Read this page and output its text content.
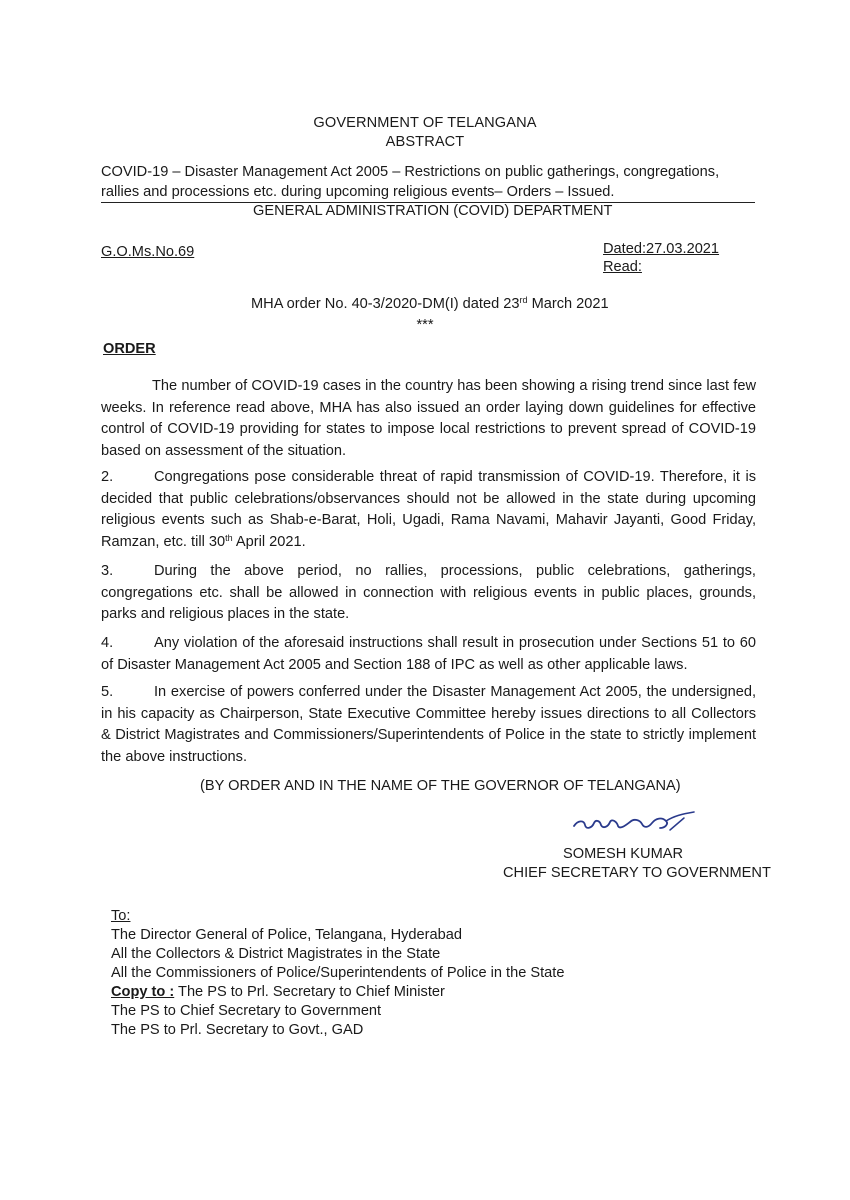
GOVERNMENT OF TELANGANA

ABSTRACT

COVID-19 – Disaster Management Act 2005 – Restrictions on public gatherings, congregations,

rallies and processions etc. during upcoming religious events– Orders – Issued.

GENERAL ADMINISTRATION (COVID) DEPARTMENT

G.O.Ms.No.69	Dated:27.03.2021

Read:

MHA order No. 40-3/2020-DM(I) dated 23rd March 2021

***

ORDER

The number of COVID-19 cases in the country has been showing a rising trend since last few weeks. In reference read above, MHA has also issued an order laying down guidelines for effective control of COVID-19 providing for states to impose local restrictions to prevent spread of COVID-19 based on assessment of the situation.

2.	Congregations pose considerable threat of rapid transmission of COVID-19. Therefore, it is decided that public celebrations/observances should not be allowed in the state during upcoming religious events such as Shab-e-Barat, Holi, Ugadi, Rama Navami, Mahavir Jayanti, Good Friday, Ramzan, etc. till 30th April 2021.

3.	During the above period, no rallies, processions, public celebrations, gatherings, congregations etc. shall be allowed in connection with religious events in public places, grounds, parks and religious places in the state.

4.	Any violation of the aforesaid instructions shall result in prosecution under Sections 51 to 60 of Disaster Management Act 2005 and Section 188 of IPC as well as other applicable laws.

5.	In exercise of powers conferred under the Disaster Management Act 2005, the undersigned, in his capacity as Chairperson, State Executive Committee hereby issues directions to all Collectors & District Magistrates and Commissioners/Superintendents of Police in the state to strictly implement the above instructions.

(BY ORDER AND IN THE NAME OF THE GOVERNOR OF TELANGANA)

SOMESH KUMAR

CHIEF SECRETARY TO GOVERNMENT

To:

The Director General of Police, Telangana, Hyderabad

All the Collectors & District Magistrates in the State

All the Commissioners of Police/Superintendents of Police in the State

Copy to : The PS to Prl. Secretary to Chief Minister

The PS to Chief Secretary to Government

The PS to Prl. Secretary to Govt., GAD
